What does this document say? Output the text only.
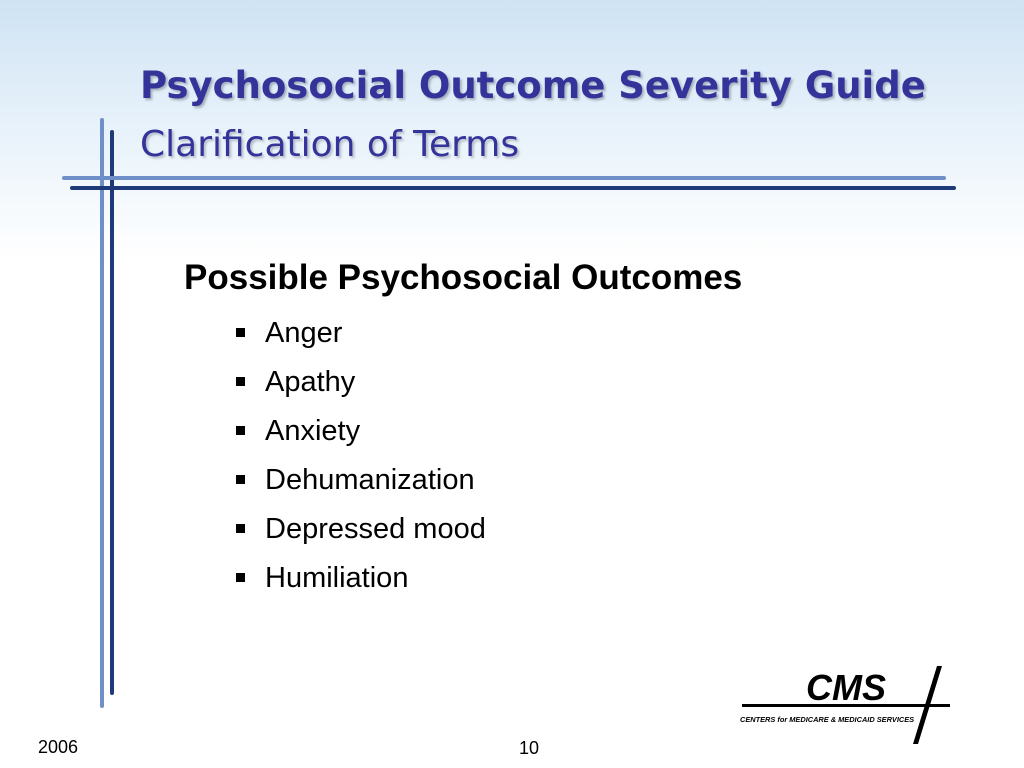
Psychosocial Outcome Severity Guide
Clarification of Terms
Possible Psychosocial Outcomes
Anger
Apathy
Anxiety
Dehumanization
Depressed mood
Humiliation
2006	10
CMS
CENTERS for MEDICARE & MEDICAID SERVICES
